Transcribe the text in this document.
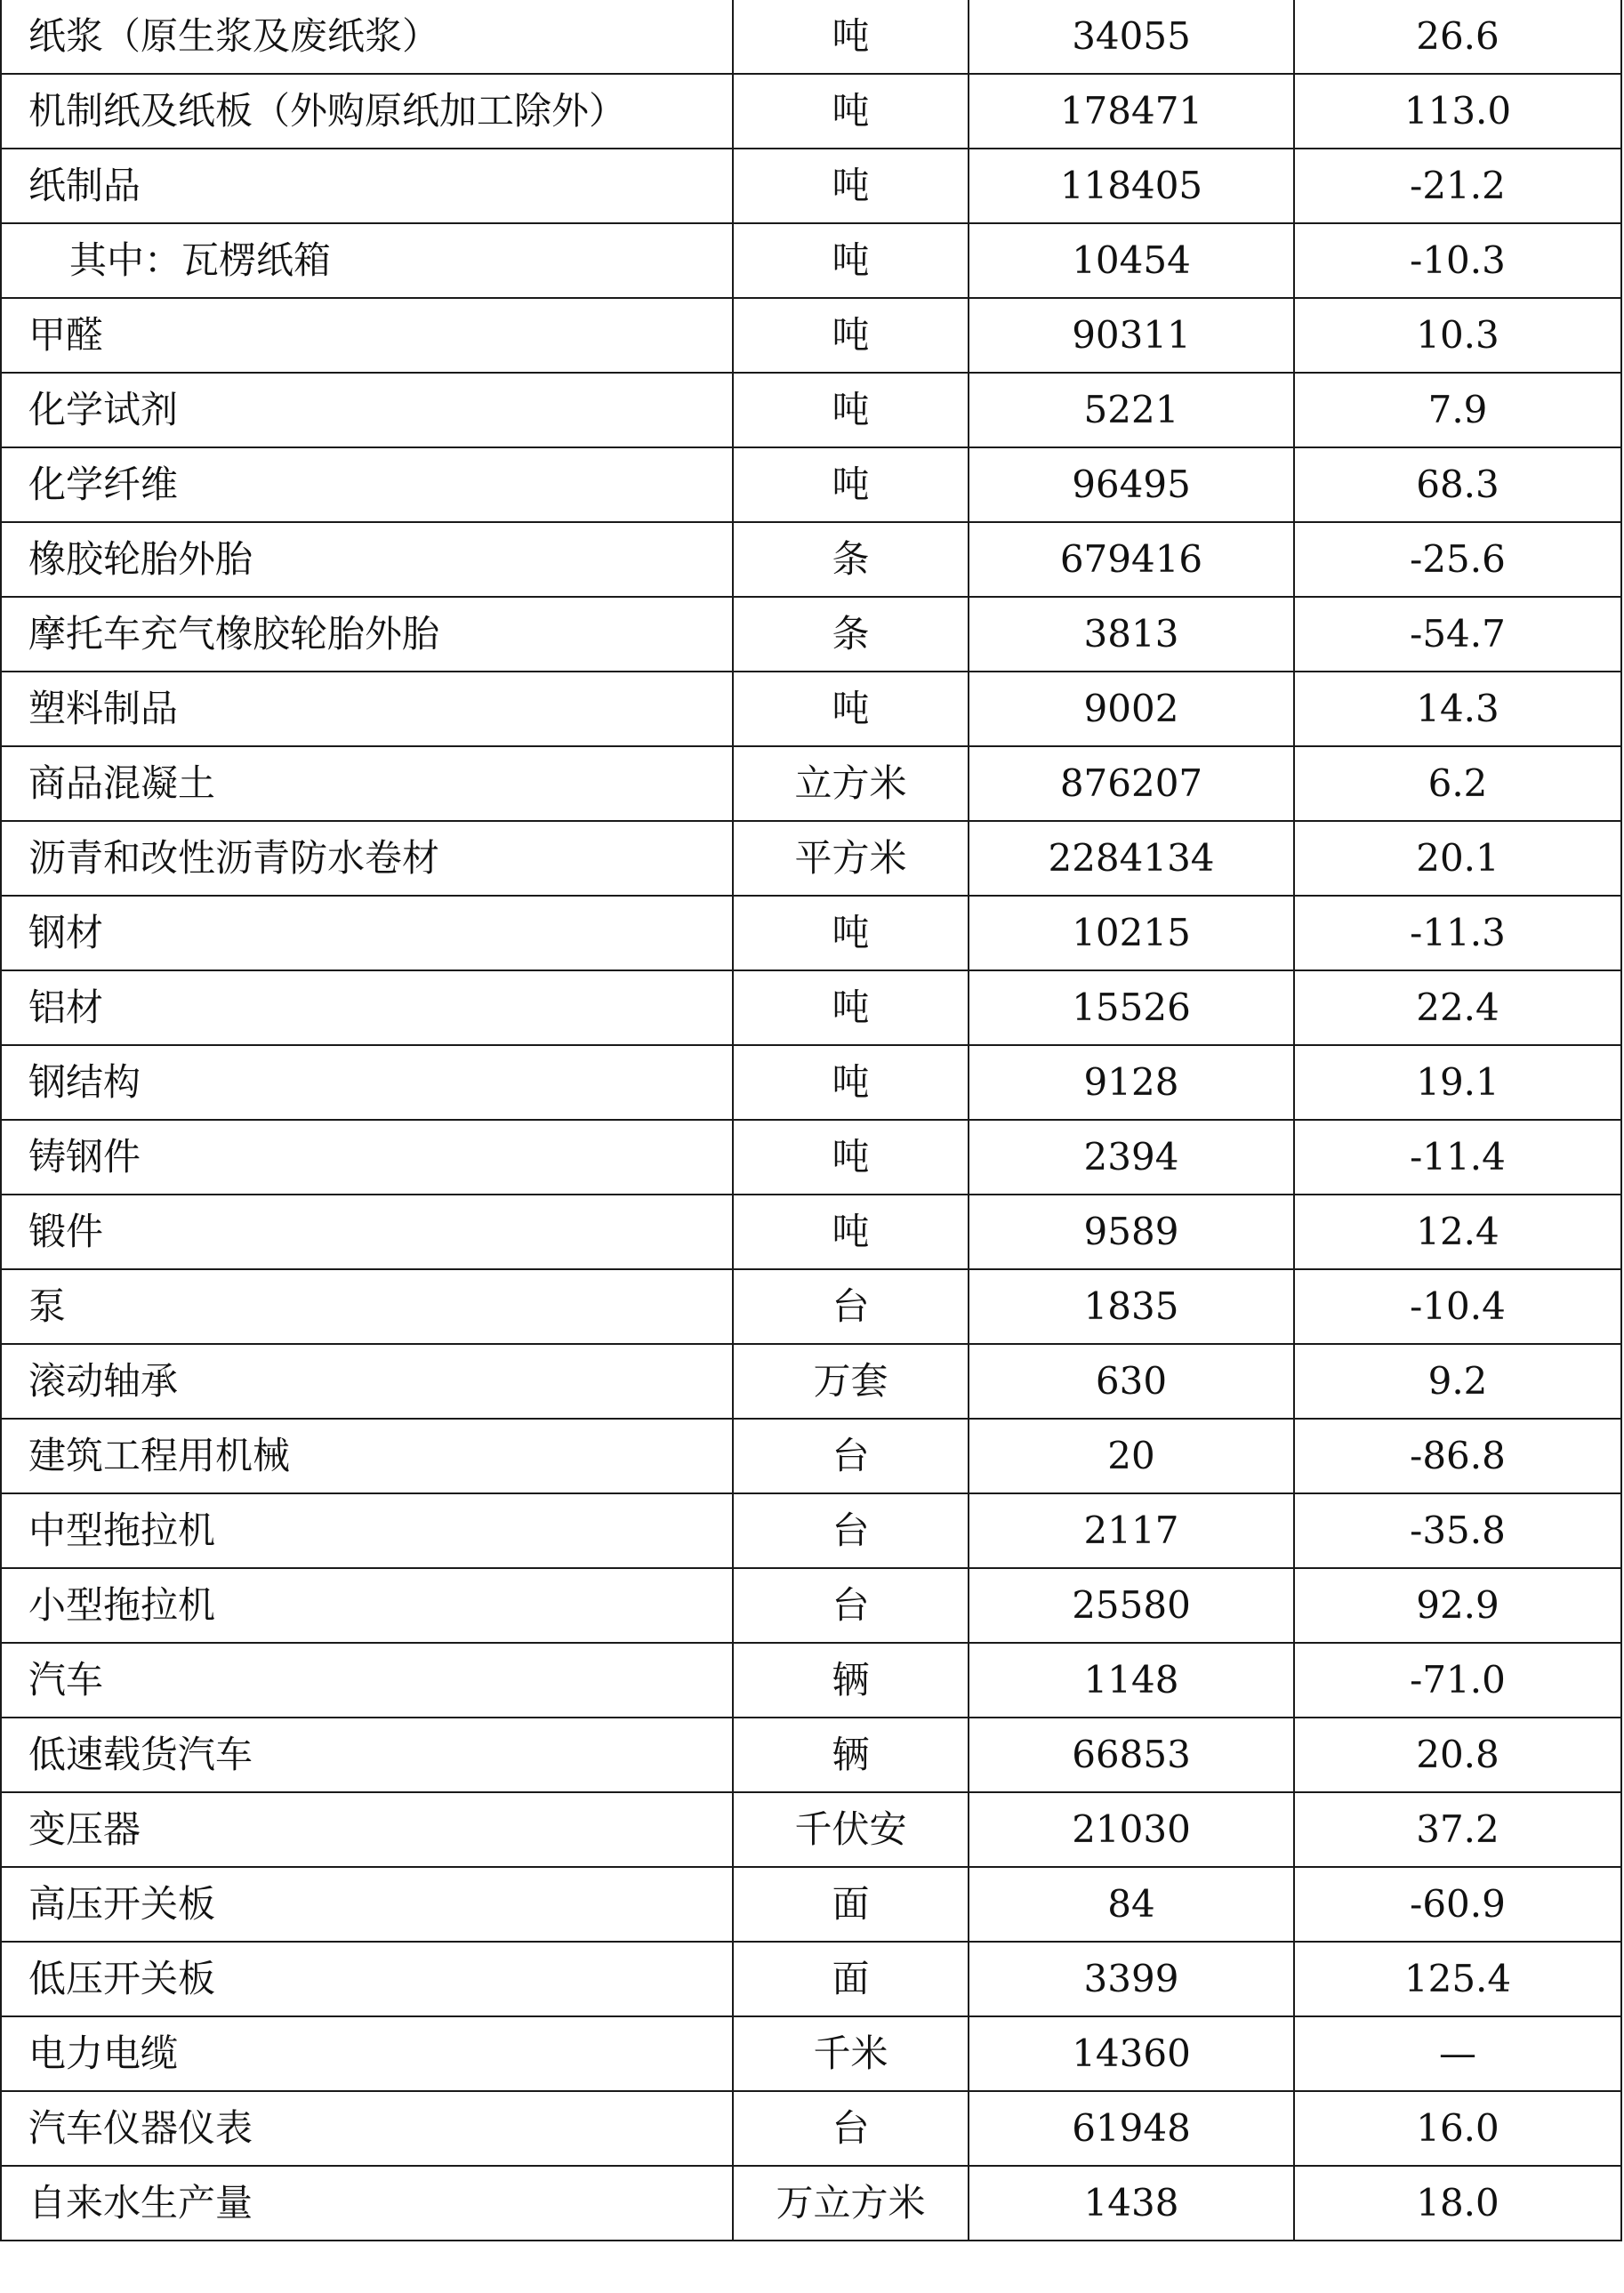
纸浆（原生浆及废纸浆）	吨	34055	26.6
机制纸及纸板（外购原纸加工除外）	吨	178471	113.0
纸制品	吨	118405	-21.2
其中：瓦楞纸箱	吨	10454	-10.3
甲醛	吨	90311	10.3
化学试剂	吨	5221	7.9
化学纤维	吨	96495	68.3
橡胶轮胎外胎	条	679416	-25.6
摩托车充气橡胶轮胎外胎	条	3813	-54.7
塑料制品	吨	9002	14.3
商品混凝土	立方米	876207	6.2
沥青和改性沥青防水卷材	平方米	2284134	20.1
钢材	吨	10215	-11.3
铝材	吨	15526	22.4
钢结构	吨	9128	19.1
铸钢件	吨	2394	-11.4
锻件	吨	9589	12.4
泵	台	1835	-10.4
滚动轴承	万套	630	9.2
建筑工程用机械	台	20	-86.8
中型拖拉机	台	2117	-35.8
小型拖拉机	台	25580	92.9
汽车	辆	1148	-71.0
低速载货汽车	辆	66853	20.8
变压器	千伏安	21030	37.2
高压开关板	面	84	-60.9
低压开关板	面	3399	125.4
电力电缆	千米	14360	—
汽车仪器仪表	台	61948	16.0
自来水生产量	万立方米	1438	18.0
